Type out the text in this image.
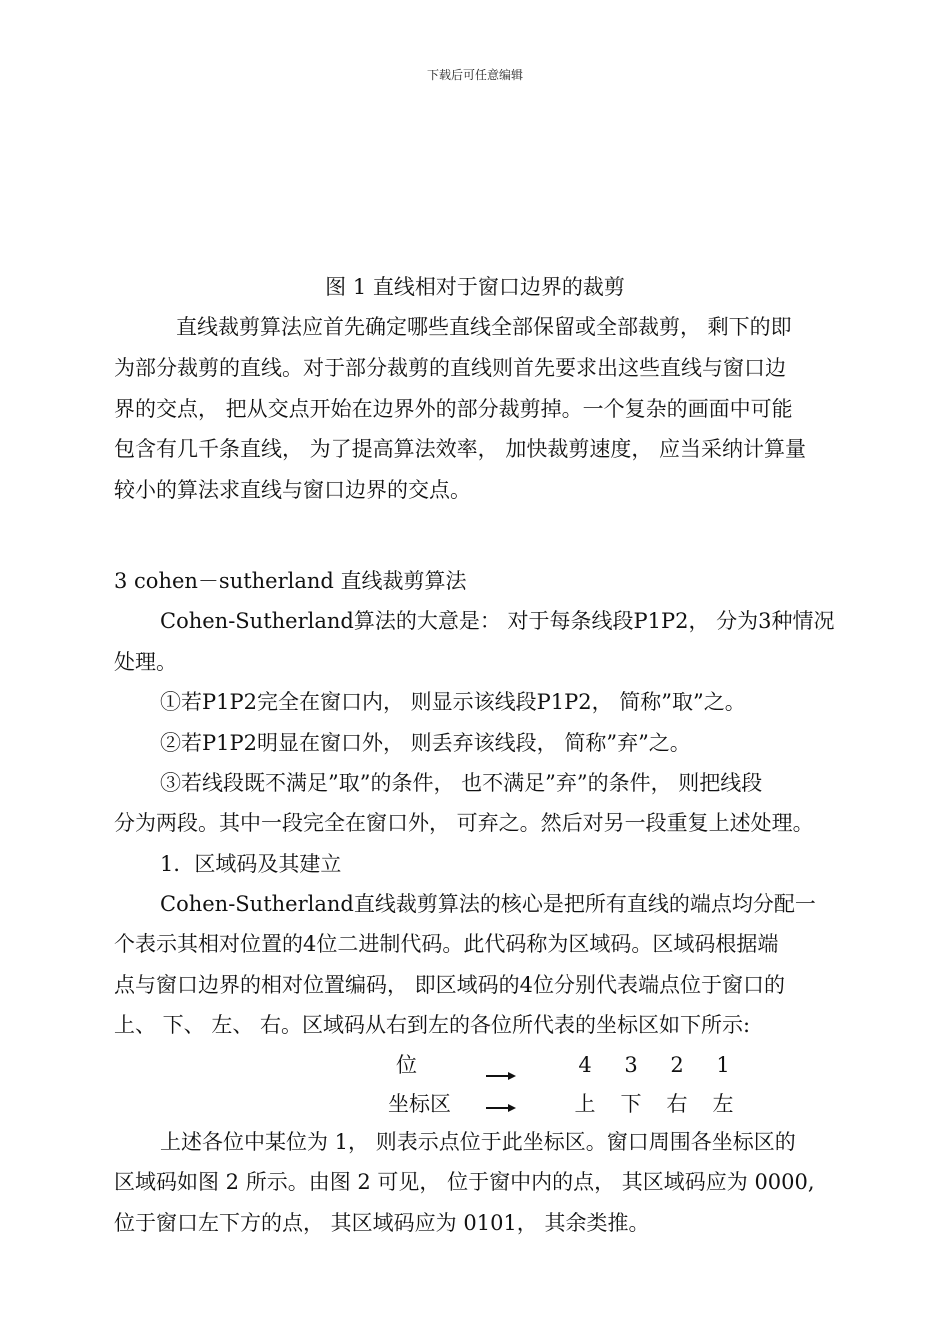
下载后可任意编辑
图 1 直线相对于窗口边界的裁剪
直线裁剪算法应首先确定哪些直线全部保留或全部裁剪， 剩下的即
为部分裁剪的直线。对于部分裁剪的直线则首先要求出这些直线与窗口边
界的交点， 把从交点开始在边界外的部分裁剪掉。一个复杂的画面中可能
包含有几千条直线， 为了提高算法效率， 加快裁剪速度， 应当采纳计算量
较小的算法求直线与窗口边界的交点。
3 cohen－sutherland 直线裁剪算法
Cohen-Sutherland算法的大意是： 对于每条线段P1P2， 分为3种情况
处理。
①若P1P2完全在窗口内， 则显示该线段P1P2， 简称”取”之。
②若P1P2明显在窗口外， 则丢弃该线段， 简称”弃”之。
③若线段既不满足”取”的条件， 也不满足”弃”的条件， 则把线段
分为两段。其中一段完全在窗口外， 可弃之。然后对另一段重复上述处理。
1．区域码及其建立
Cohen-Sutherland直线裁剪算法的核心是把所有直线的端点均分配一
个表示其相对位置的4位二进制代码。此代码称为区域码。区域码根据端
点与窗口边界的相对位置编码， 即区域码的4位分别代表端点位于窗口的
上、 下、 左、 右。区域码从右到左的各位所代表的坐标区如下所示:
位	4	3	2	1
坐标区	上 下 右 左
上述各位中某位为 1， 则表示点位于此坐标区。窗口周围各坐标区的
区域码如图 2 所示。由图 2 可见， 位于窗中内的点， 其区域码应为 0000,
位于窗口左下方的点， 其区域码应为 0101， 其余类推。
